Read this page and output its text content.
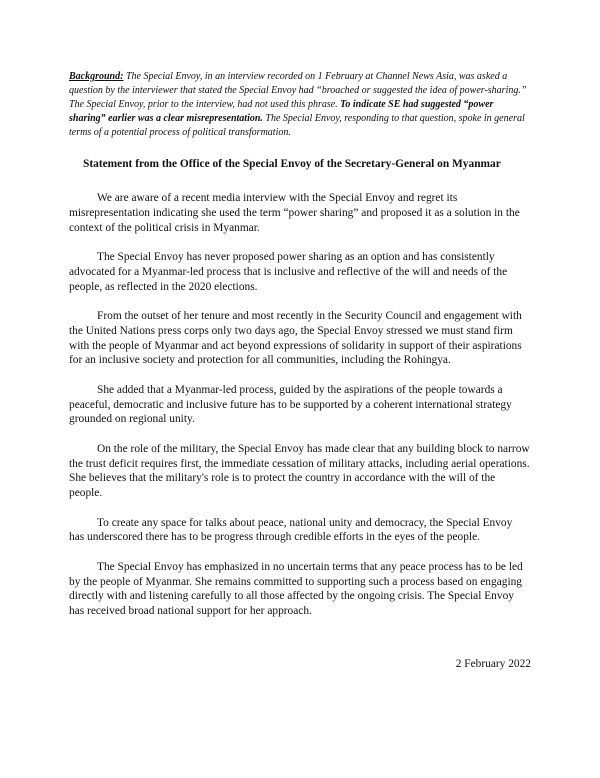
Background: The Special Envoy, in an interview recorded on 1 February at Channel News Asia, was asked a question by the interviewer that stated the Special Envoy had “broached or suggested the idea of power-sharing.” The Special Envoy, prior to the interview, had not used this phrase. To indicate SE had suggested “power sharing” earlier was a clear misrepresentation. The Special Envoy, responding to that question, spoke in general terms of a potential process of political transformation.

Statement from the Office of the Special Envoy of the Secretary-General on Myanmar

We are aware of a recent media interview with the Special Envoy and regret its misrepresentation indicating she used the term “power sharing” and proposed it as a solution in the context of the political crisis in Myanmar.

The Special Envoy has never proposed power sharing as an option and has consistently advocated for a Myanmar-led process that is inclusive and reflective of the will and needs of the people, as reflected in the 2020 elections.

From the outset of her tenure and most recently in the Security Council and engagement with the United Nations press corps only two days ago, the Special Envoy stressed we must stand firm with the people of Myanmar and act beyond expressions of solidarity in support of their aspirations for an inclusive society and protection for all communities, including the Rohingya.

She added that a Myanmar-led process, guided by the aspirations of the people towards a peaceful, democratic and inclusive future has to be supported by a coherent international strategy grounded on regional unity.

On the role of the military, the Special Envoy has made clear that any building block to narrow the trust deficit requires first, the immediate cessation of military attacks, including aerial operations. She believes that the military's role is to protect the country in accordance with the will of the people.

To create any space for talks about peace, national unity and democracy, the Special Envoy has underscored there has to be progress through credible efforts in the eyes of the people.

The Special Envoy has emphasized in no uncertain terms that any peace process has to be led by the people of Myanmar. She remains committed to supporting such a process based on engaging directly with and listening carefully to all those affected by the ongoing crisis. The Special Envoy has received broad national support for her approach.

2 February 2022
